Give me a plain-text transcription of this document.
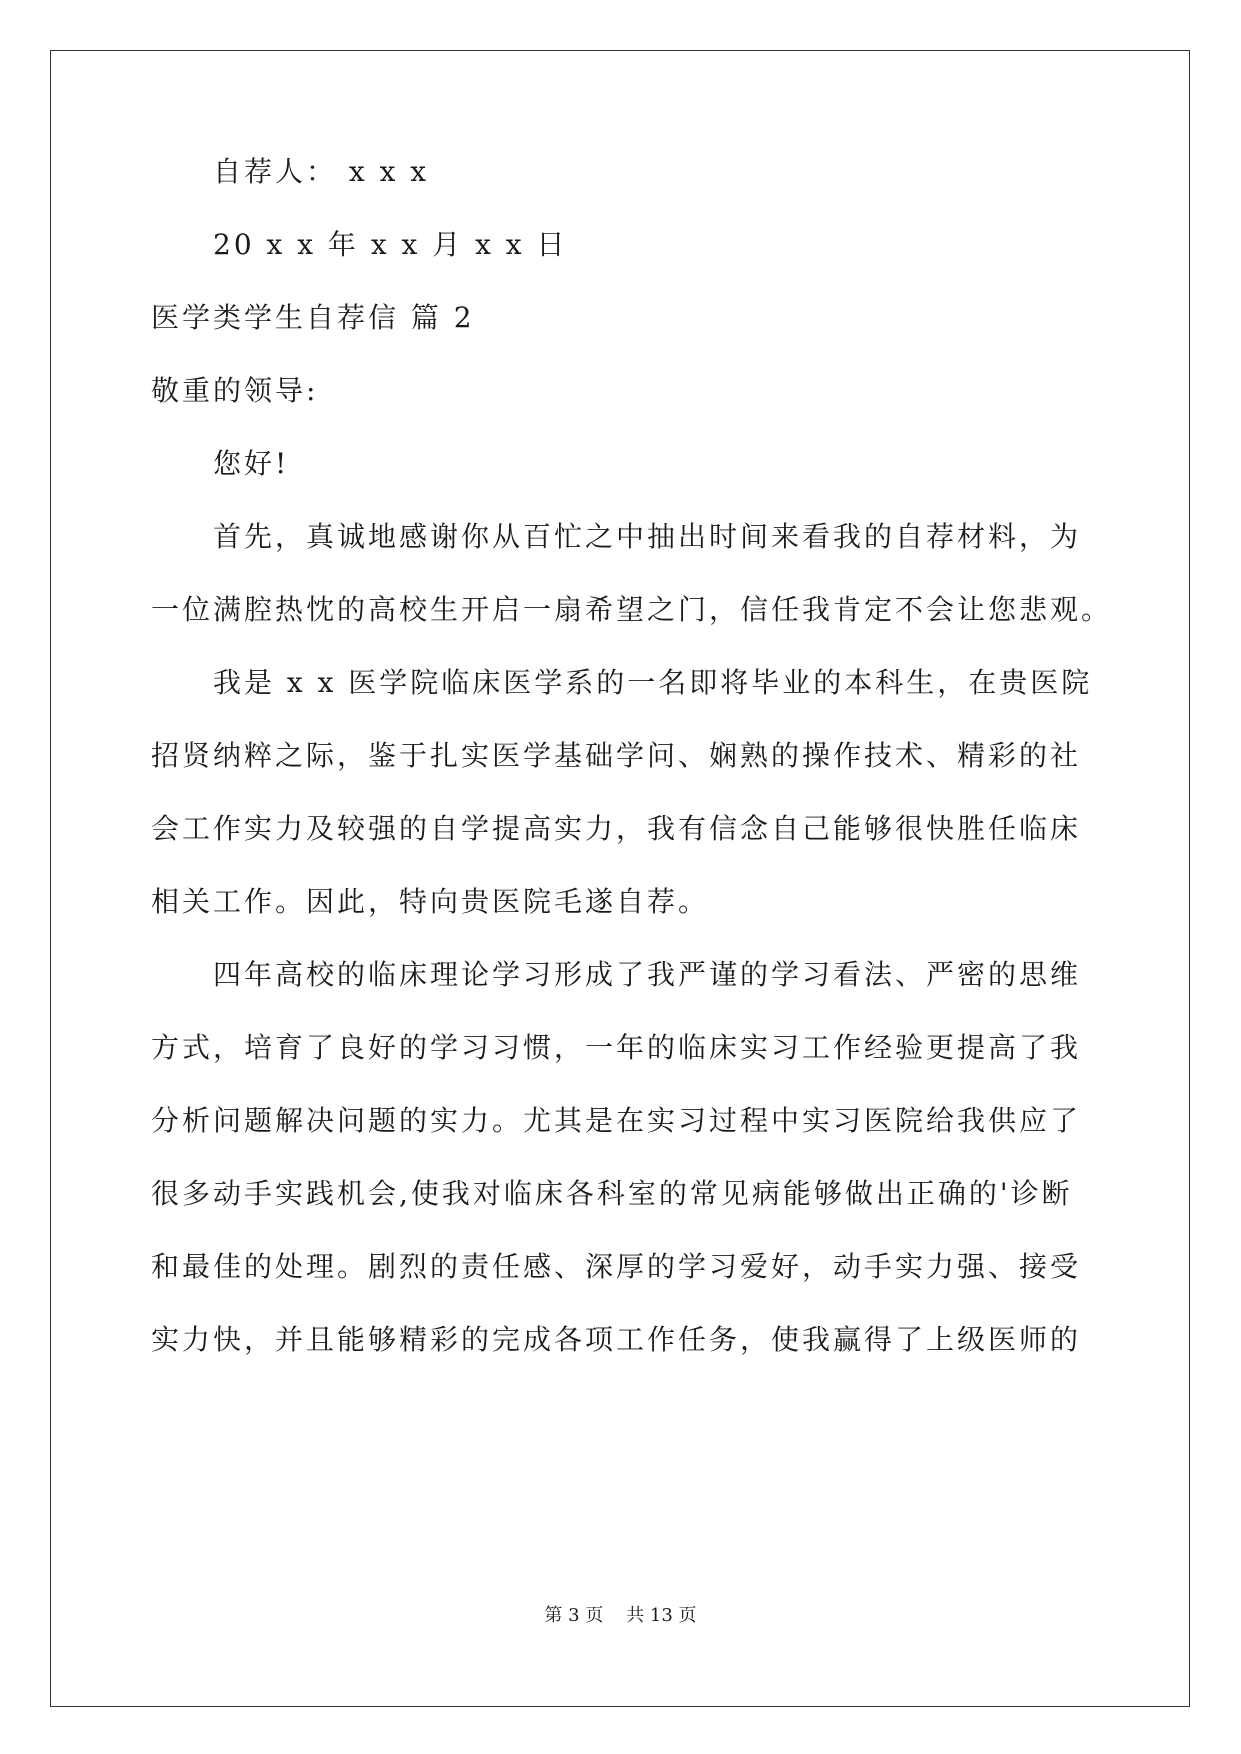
自荐人： x x x
20 x x 年 x x 月 x x 日
医学类学生自荐信 篇 2
敬重的领导:
您好!
首先，真诚地感谢你从百忙之中抽出时间来看我的自荐材料，为
一位满腔热忱的高校生开启一扇希望之门，信任我肯定不会让您悲观。
我是 x x 医学院临床医学系的一名即将毕业的本科生，在贵医院
招贤纳粹之际，鉴于扎实医学基础学问、娴熟的操作技术、精彩的社
会工作实力及较强的自学提高实力，我有信念自己能够很快胜任临床
相关工作。因此，特向贵医院毛遂自荐。
四年高校的临床理论学习形成了我严谨的学习看法、严密的思维
方式，培育了良好的学习习惯，一年的临床实习工作经验更提高了我
分析问题解决问题的实力。尤其是在实习过程中实习医院给我供应了
很多动手实践机会,使我对临床各科室的常见病能够做出正确的'诊断
和最佳的处理。剧烈的责任感、深厚的学习爱好，动手实力强、接受
实力快，并且能够精彩的完成各项工作任务，使我赢得了上级医师的
第 3 页    共 13 页
